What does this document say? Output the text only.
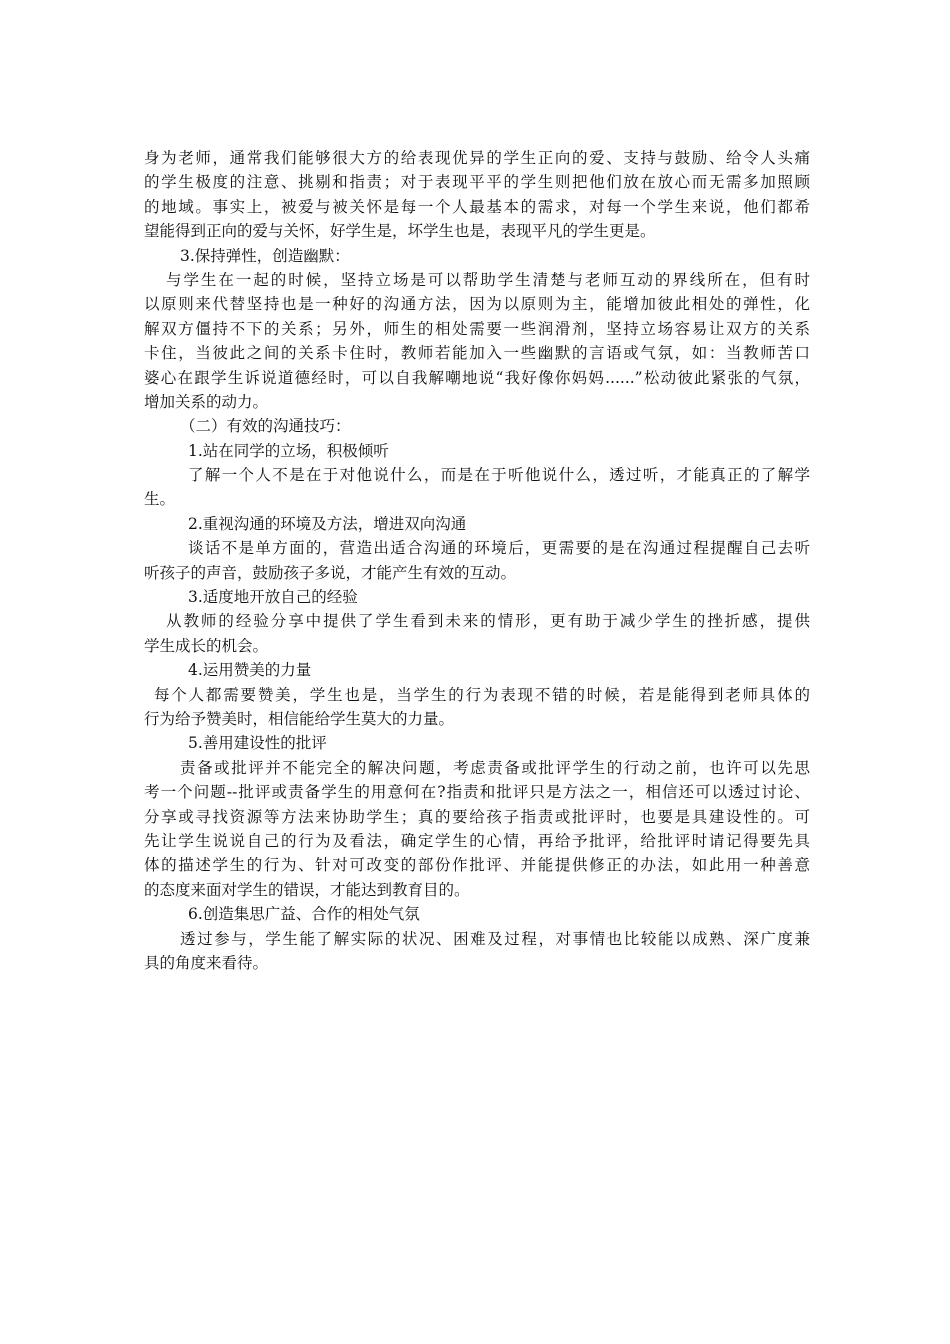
身为老师，通常我们能够很大方的给表现优异的学生正向的爱、支持与鼓励、给令人头痛
的学生极度的注意、挑剔和指责；对于表现平平的学生则把他们放在放心而无需多加照顾
的地域。事实上，被爱与被关怀是每一个人最基本的需求，对每一个学生来说，他们都希
望能得到正向的爱与关怀，好学生是，坏学生也是，表现平凡的学生更是。
3.保持弹性，创造幽默：
与学生在一起的时候，坚持立场是可以帮助学生清楚与老师互动的界线所在，但有时
以原则来代替坚持也是一种好的沟通方法，因为以原则为主，能增加彼此相处的弹性，化
解双方僵持不下的关系；另外，师生的相处需要一些润滑剂，坚持立场容易让双方的关系
卡住，当彼此之间的关系卡住时，教师若能加入一些幽默的言语或气氛，如：当教师苦口
婆心在跟学生诉说道德经时，可以自我解嘲地说“我好像你妈妈......”松动彼此紧张的气氛，
增加关系的动力。
（二）有效的沟通技巧：
1.站在同学的立场，积极倾听
了解一个人不是在于对他说什么，而是在于听他说什么，透过听，才能真正的了解学
生。
2.重视沟通的环境及方法，增进双向沟通
谈话不是单方面的，营造出适合沟通的环境后，更需要的是在沟通过程提醒自己去听
听孩子的声音，鼓励孩子多说，才能产生有效的互动。
3.适度地开放自己的经验
从教师的经验分享中提供了学生看到未来的情形，更有助于减少学生的挫折感，提供
学生成长的机会。
4.运用赞美的力量
每个人都需要赞美，学生也是，当学生的行为表现不错的时候，若是能得到老师具体的
行为给予赞美时，相信能给学生莫大的力量。
5.善用建设性的批评
责备或批评并不能完全的解决问题，考虑责备或批评学生的行动之前，也许可以先思
考一个问题--批评或责备学生的用意何在?指责和批评只是方法之一，相信还可以透过讨论、
分享或寻找资源等方法来协助学生；真的要给孩子指责或批评时，也要是具建设性的。可
先让学生说说自己的行为及看法，确定学生的心情，再给予批评，给批评时请记得要先具
体的描述学生的行为、针对可改变的部份作批评、并能提供修正的办法，如此用一种善意
的态度来面对学生的错误，才能达到教育目的。
6.创造集思广益、合作的相处气氛
透过参与，学生能了解实际的状况、困难及过程，对事情也比较能以成熟、深广度兼
具的角度来看待。
